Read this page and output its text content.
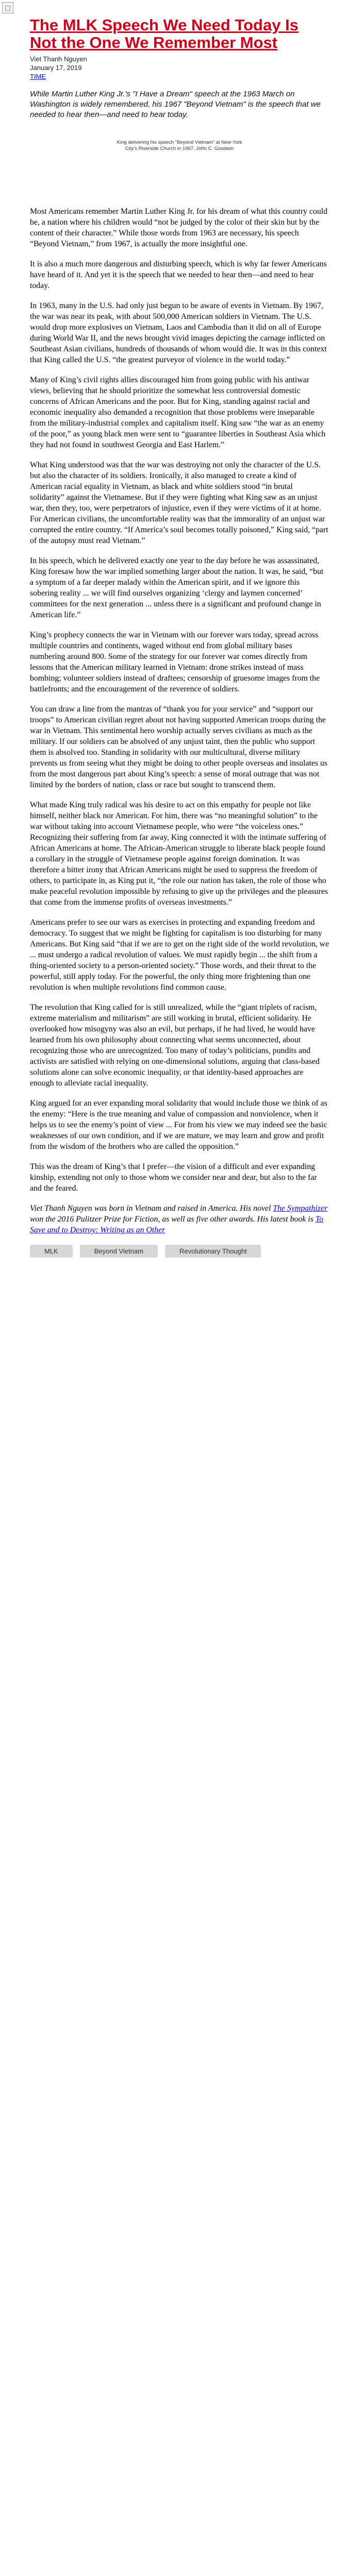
□
The MLK Speech We Need Today Is Not the One We Remember Most
Viet Thanh Nguyen
January 17, 2019
TIME
While Martin Luther King Jr.'s "I Have a Dream" speech at the 1963 March on Washington is widely remembered, his 1967 "Beyond Vietnam" is the speech that we needed to hear then—and need to hear today.
King delivering his speech "Beyond Vietnam" at New York City's Riverside Church in 1967. John C. Goodwin

Most Americans remember Martin Luther King Jr. for his dream of what this country could be, a nation where his children would “not be judged by the color of their skin but by the content of their character.” While those words from 1963 are necessary, his speech “Beyond Vietnam,” from 1967, is actually the more insightful one.

It is also a much more dangerous and disturbing speech, which is why far fewer Americans have heard of it. And yet it is the speech that we needed to hear then—and need to hear today.

In 1963, many in the U.S. had only just begun to be aware of events in Vietnam. By 1967, the war was near its peak, with about 500,000 American soldiers in Vietnam. The U.S. would drop more explosives on Vietnam, Laos and Cambodia than it did on all of Europe during World War II, and the news brought vivid images depicting the carnage inflicted on Southeast Asian civilians, hundreds of thousands of whom would die. It was in this context that King called the U.S. “the greatest purveyor of violence in the world today.”

Many of King’s civil rights allies discouraged him from going public with his antiwar views, believing that he should prioritize the somewhat less controversial domestic concerns of African Americans and the poor. But for King, standing against racial and economic inequality also demanded a recognition that those problems were inseparable from the military-industrial complex and capitalism itself. King saw “the war as an enemy of the poor,” as young black men were sent to “guarantee liberties in Southeast Asia which they had not found in southwest Georgia and East Harlem.”

What King understood was that the war was destroying not only the character of the U.S. but also the character of its soldiers. Ironically, it also managed to create a kind of American racial equality in Vietnam, as black and white soldiers stood “in brutal solidarity” against the Vietnamese. But if they were fighting what King saw as an unjust war, then they, too, were perpetrators of injustice, even if they were victims of it at home. For American civilians, the uncomfortable reality was that the immorality of an unjust war corrupted the entire country. “If America’s soul becomes totally poisoned,” King said, “part of the autopsy must read Vietnam.”

In his speech, which he delivered exactly one year to the day before he was assassinated, King foresaw how the war implied something larger about the nation. It was, he said, “but a symptom of a far deeper malady within the American spirit, and if we ignore this sobering reality ... we will find ourselves organizing ‘clergy and laymen concerned’ committees for the next generation ... unless there is a significant and profound change in American life.”

King’s prophecy connects the war in Vietnam with our forever wars today, spread across multiple countries and continents, waged without end from global military bases numbering around 800. Some of the strategy for our forever war comes directly from lessons that the American military learned in Vietnam: drone strikes instead of mass bombing; volunteer soldiers instead of draftees; censorship of gruesome images from the battlefronts; and the encouragement of the reverence of soldiers.

You can draw a line from the mantras of “thank you for your service” and “support our troops” to American civilian regret about not having supported American troops during the war in Vietnam. This sentimental hero worship actually serves civilians as much as the military. If our soldiers can be absolved of any unjust taint, then the public who support them is absolved too. Standing in solidarity with our multicultural, diverse military prevents us from seeing what they might be doing to other people overseas and insulates us from the most dangerous part about King’s speech: a sense of moral outrage that was not limited by the borders of nation, class or race but sought to transcend them.

What made King truly radical was his desire to act on this empathy for people not like himself, neither black nor American. For him, there was “no meaningful solution” to the war without taking into account Vietnamese people, who were “the voiceless ones.” Recognizing their suffering from far away, King connected it with the intimate suffering of African Americans at home. The African-American struggle to liberate black people found a corollary in the struggle of Vietnamese people against foreign domination. It was therefore a bitter irony that African Americans might be used to suppress the freedom of others, to participate in, as King put it, “the role our nation has taken, the role of those who make peaceful revolution impossible by refusing to give up the privileges and the pleasures that come from the immense profits of overseas investments.”

Americans prefer to see our wars as exercises in protecting and expanding freedom and democracy. To suggest that we might be fighting for capitalism is too disturbing for many Americans. But King said “that if we are to get on the right side of the world revolution, we ... must undergo a radical revolution of values. We must rapidly begin ... the shift from a thing-oriented society to a person-oriented society.” Those words, and their threat to the powerful, still apply today. For the powerful, the only thing more frightening than one revolution is when multiple revolutions find common cause.

The revolution that King called for is still unrealized, while the “giant triplets of racism, extreme materialism and militarism” are still working in brutal, efficient solidarity. He overlooked how misogyny was also an evil, but perhaps, if he had lived, he would have learned from his own philosophy about connecting what seems unconnected, about recognizing those who are unrecognized. Too many of today’s politicians, pundits and activists are satisfied with relying on one-dimensional solutions, arguing that class-based solutions alone can solve economic inequality, or that identity-based approaches are enough to alleviate racial inequality.

King argued for an ever expanding moral solidarity that would include those we think of as the enemy: “Here is the true meaning and value of compassion and nonviolence, when it helps us to see the enemy’s point of view ... For from his view we may indeed see the basic weaknesses of our own condition, and if we are mature, we may learn and grow and profit from the wisdom of the brothers who are called the opposition.”

This was the dream of King’s that I prefer—the vision of a difficult and ever expanding kinship, extending not only to those whom we consider near and dear, but also to the far and the feared.

Viet Thanh Nguyen was born in Vietnam and raised in America. His novel The Sympathizer won the 2016 Pulitzer Prize for Fiction, as well as five other awards. His latest book is To Save and to Destroy: Writing as an Other

MLK	Beyond Vietnam	Revolutionary Thought
